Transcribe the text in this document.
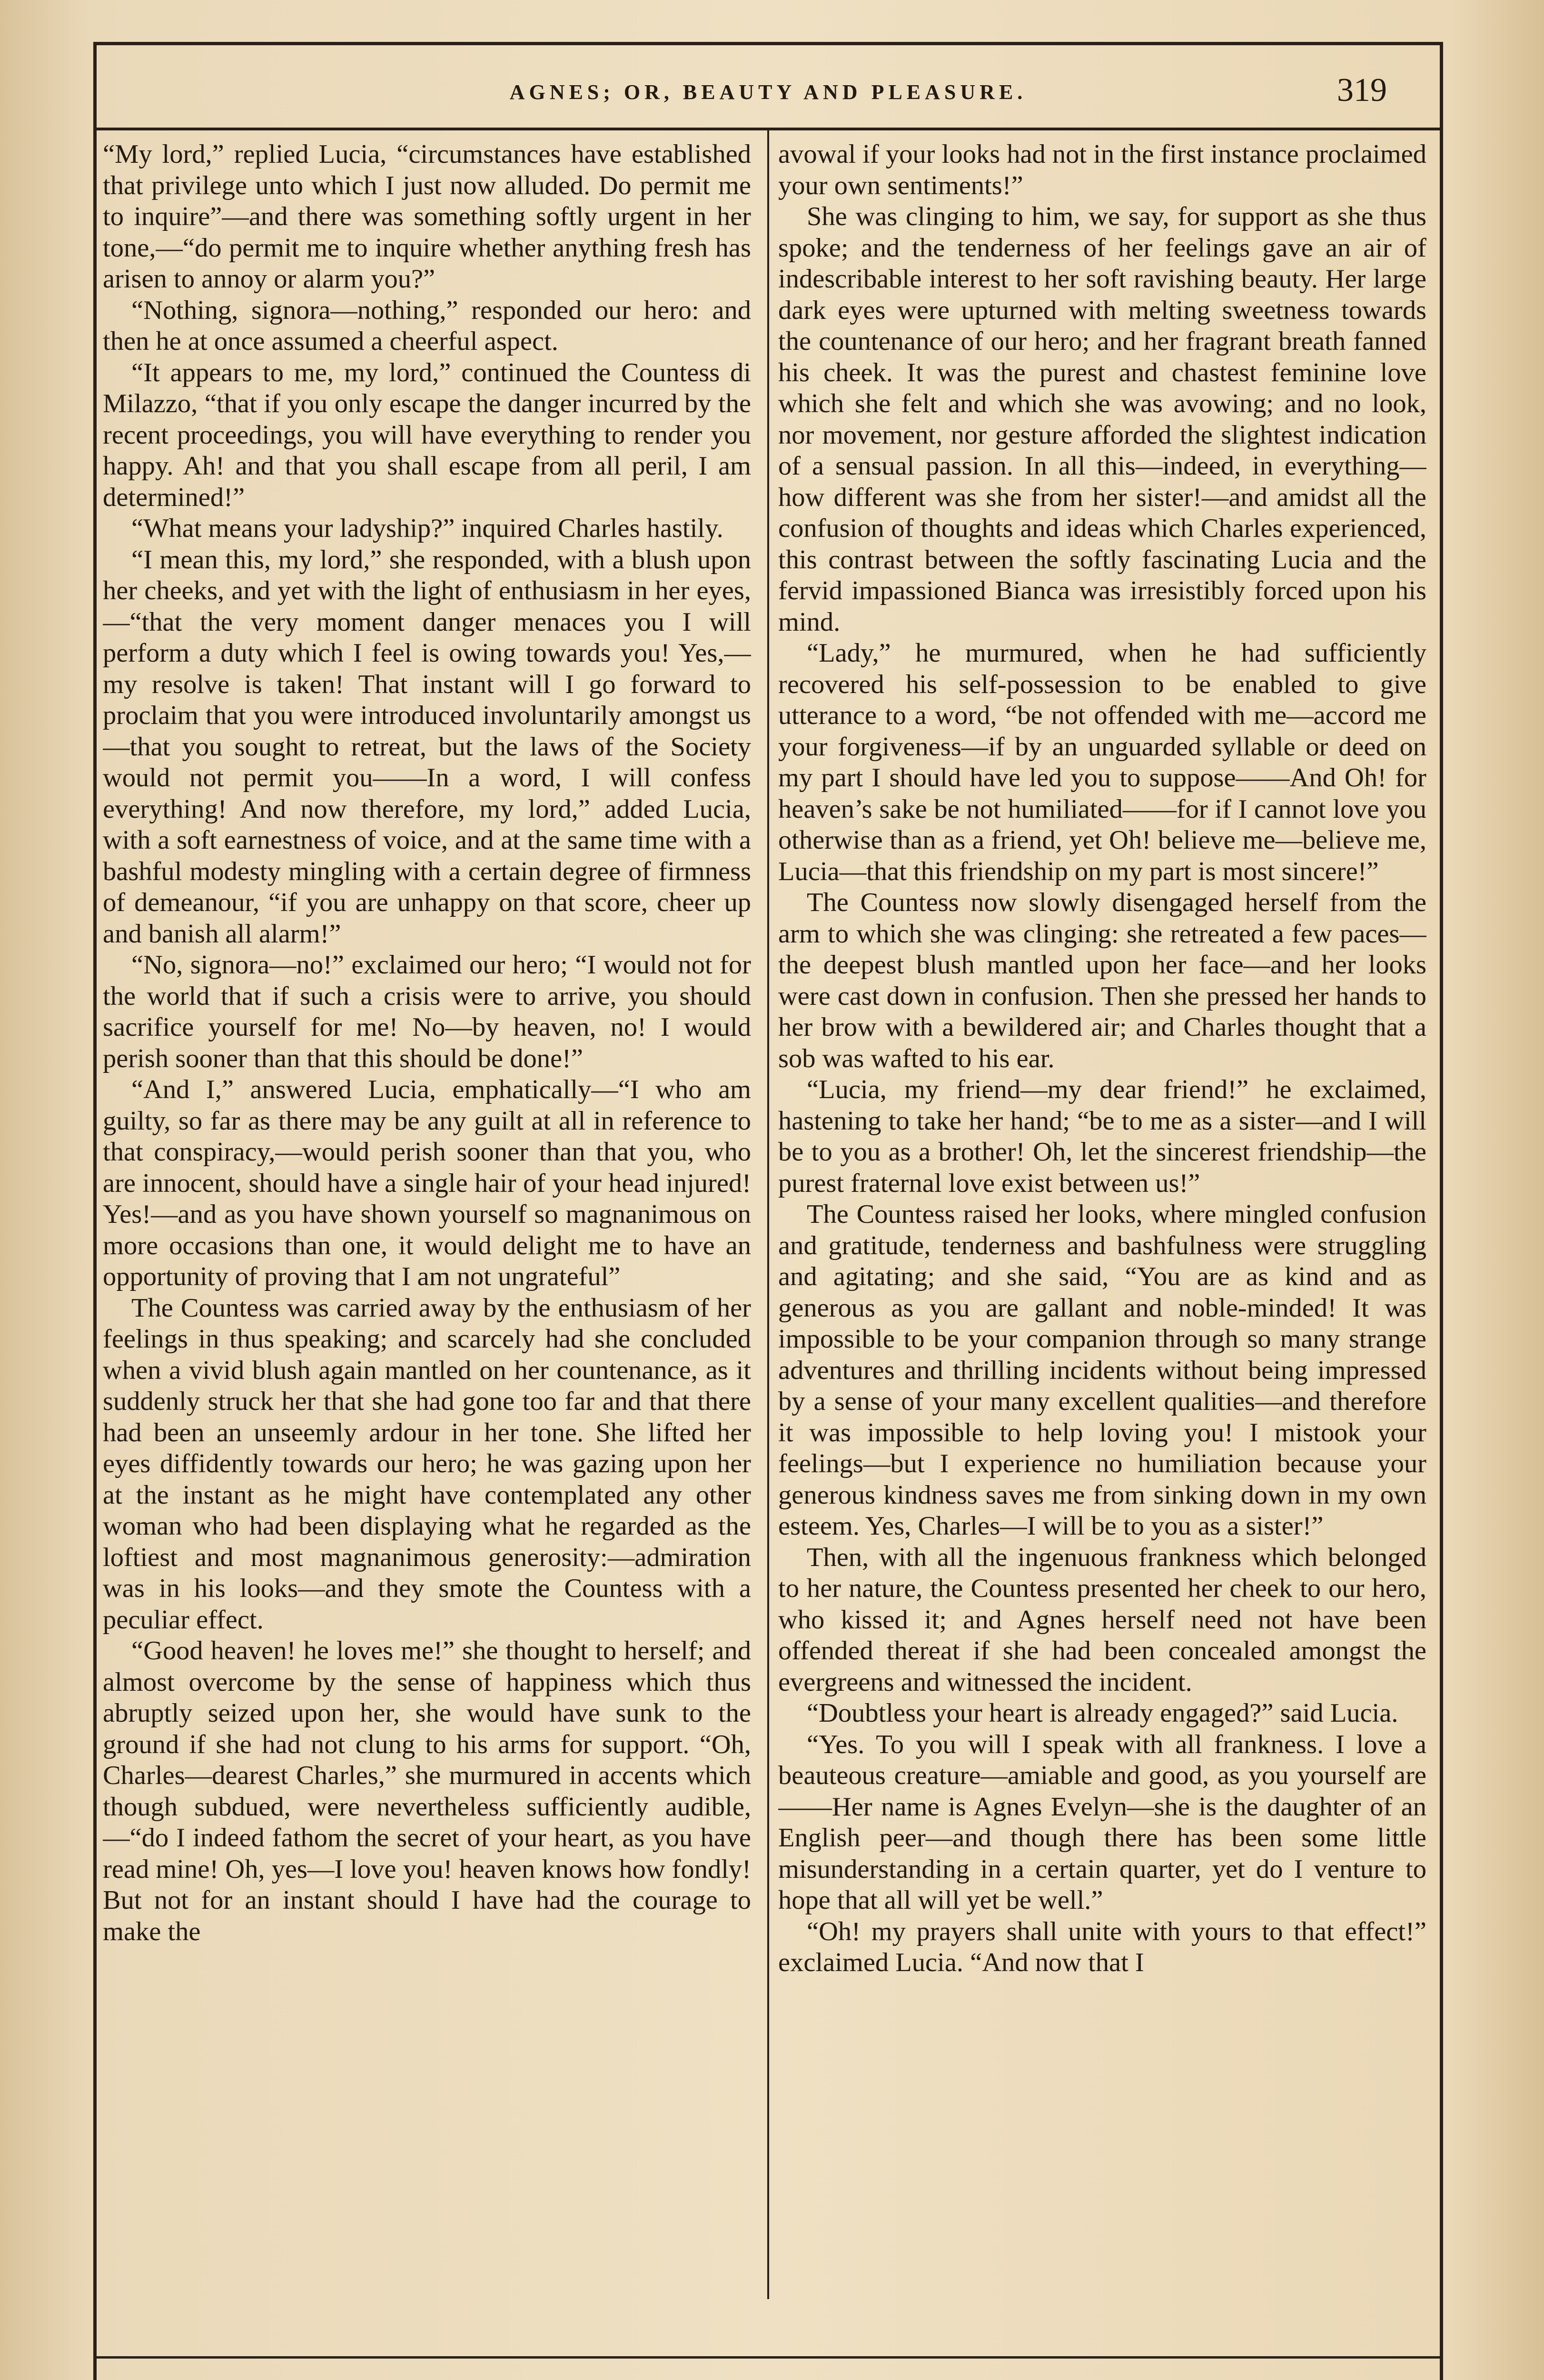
AGNES; OR, BEAUTY AND PLEASURE.	319

“My lord,” replied Lucia, “circumstances have established that privilege unto which I just now alluded. Do permit me to inquire”—and there was something softly urgent in her tone,—“do permit me to inquire whether anything fresh has arisen to annoy or alarm you?”

“Nothing, signora—nothing,” responded our hero: and then he at once assumed a cheerful aspect.

“It appears to me, my lord,” continued the Countess di Milazzo, “that if you only escape the danger incurred by the recent proceedings, you will have everything to render you happy. Ah! and that you shall escape from all peril, I am determined!”

“What means your ladyship?” inquired Charles hastily.

“I mean this, my lord,” she responded, with a blush upon her cheeks, and yet with the light of enthusiasm in her eyes,—“that the very moment danger menaces you I will perform a duty which I feel is owing towards you! Yes,—my resolve is taken! That instant will I go forward to proclaim that you were introduced involuntarily amongst us—that you sought to retreat, but the laws of the Society would not permit you——In a word, I will confess everything! And now therefore, my lord,” added Lucia, with a soft earnestness of voice, and at the same time with a bashful modesty mingling with a certain degree of firmness of demeanour, “if you are unhappy on that score, cheer up and banish all alarm!”

“No, signora—no!” exclaimed our hero; “I would not for the world that if such a crisis were to arrive, you should sacrifice yourself for me! No—by heaven, no! I would perish sooner than that this should be done!”

“And I,” answered Lucia, emphatically—“I who am guilty, so far as there may be any guilt at all in reference to that conspiracy,—would perish sooner than that you, who are innocent, should have a single hair of your head injured! Yes!—and as you have shown yourself so magnanimous on more occasions than one, it would delight me to have an opportunity of proving that I am not ungrateful”

The Countess was carried away by the enthusiasm of her feelings in thus speaking; and scarcely had she concluded when a vivid blush again mantled on her countenance, as it suddenly struck her that she had gone too far and that there had been an unseemly ardour in her tone. She lifted her eyes diffidently towards our hero; he was gazing upon her at the instant as he might have contemplated any other woman who had been displaying what he regarded as the loftiest and most magnanimous generosity:—admiration was in his looks—and they smote the Countess with a peculiar effect.

“Good heaven! he loves me!” she thought to herself; and almost overcome by the sense of happiness which thus abruptly seized upon her, she would have sunk to the ground if she had not clung to his arms for support. “Oh, Charles—dearest Charles,” she murmured in accents which though subdued, were nevertheless sufficiently audible,—“do I indeed fathom the secret of your heart, as you have read mine! Oh, yes—I love you! heaven knows how fondly! But not for an instant should I have had the courage to make the

avowal if your looks had not in the first instance proclaimed your own sentiments!”

She was clinging to him, we say, for support as she thus spoke; and the tenderness of her feelings gave an air of indescribable interest to her soft ravishing beauty. Her large dark eyes were upturned with melting sweetness towards the countenance of our hero; and her fragrant breath fanned his cheek. It was the purest and chastest feminine love which she felt and which she was avowing; and no look, nor movement, nor gesture afforded the slightest indication of a sensual passion. In all this—indeed, in everything—how different was she from her sister!—and amidst all the confusion of thoughts and ideas which Charles experienced, this contrast between the softly fascinating Lucia and the fervid impassioned Bianca was irresistibly forced upon his mind.

“Lady,” he murmured, when he had sufficiently recovered his self-possession to be enabled to give utterance to a word, “be not offended with me—accord me your forgiveness—if by an unguarded syllable or deed on my part I should have led you to suppose——And Oh! for heaven’s sake be not humiliated——for if I cannot love you otherwise than as a friend, yet Oh! believe me—believe me, Lucia—that this friendship on my part is most sincere!”

The Countess now slowly disengaged herself from the arm to which she was clinging: she retreated a few paces—the deepest blush mantled upon her face—and her looks were cast down in confusion. Then she pressed her hands to her brow with a bewildered air; and Charles thought that a sob was wafted to his ear.

“Lucia, my friend—my dear friend!” he exclaimed, hastening to take her hand; “be to me as a sister—and I will be to you as a brother! Oh, let the sincerest friendship—the purest fraternal love exist between us!”

The Countess raised her looks, where mingled confusion and gratitude, tenderness and bashfulness were struggling and agitating; and she said, “You are as kind and as generous as you are gallant and noble-minded! It was impossible to be your companion through so many strange adventures and thrilling incidents without being impressed by a sense of your many excellent qualities—and therefore it was impossible to help loving you! I mistook your feelings—but I experience no humiliation because your generous kindness saves me from sinking down in my own esteem. Yes, Charles—I will be to you as a sister!”

Then, with all the ingenuous frankness which belonged to her nature, the Countess presented her cheek to our hero, who kissed it; and Agnes herself need not have been offended thereat if she had been concealed amongst the evergreens and witnessed the incident.

“Doubtless your heart is already engaged?” said Lucia.

“Yes. To you will I speak with all frankness. I love a beauteous creature—amiable and good, as you yourself are——Her name is Agnes Evelyn—she is the daughter of an English peer—and though there has been some little misunderstanding in a certain quarter, yet do I venture to hope that all will yet be well.”

“Oh! my prayers shall unite with yours to that effect!” exclaimed Lucia. “And now that I
